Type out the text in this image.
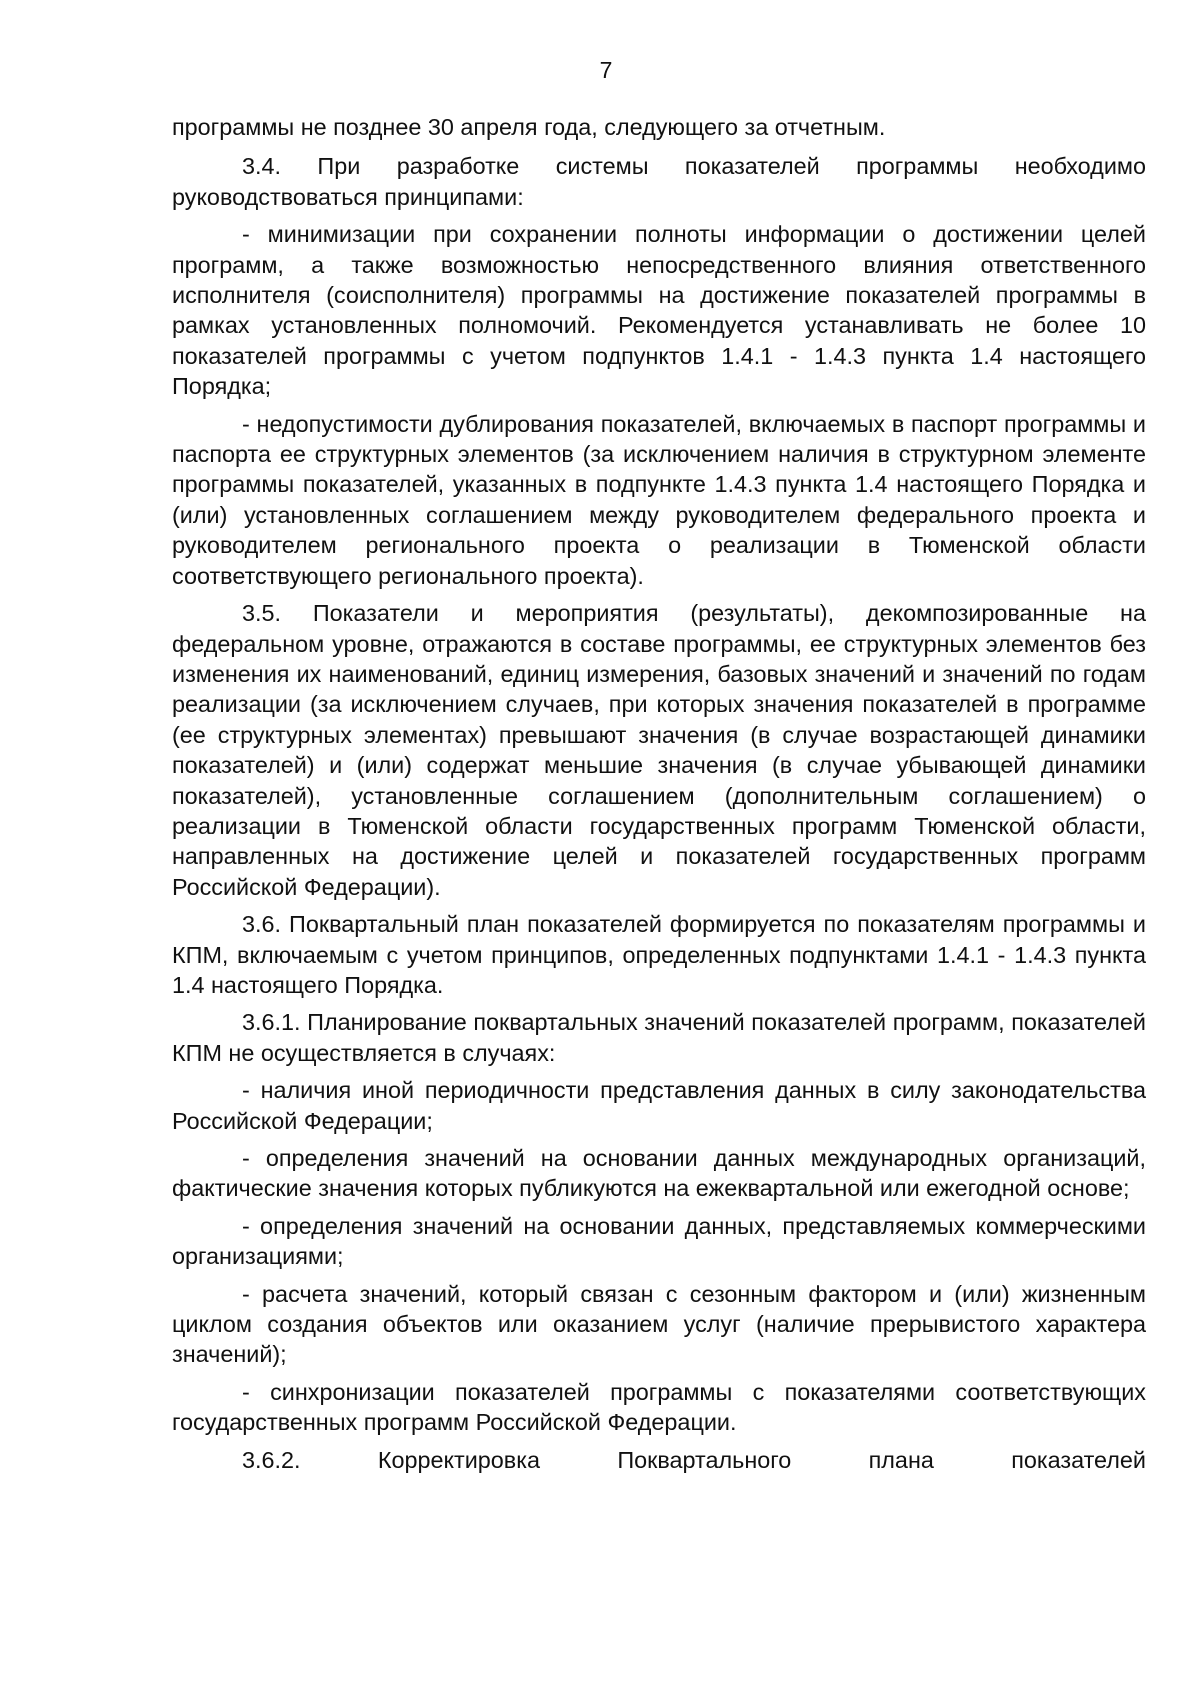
7

программы не позднее 30 апреля года, следующего за отчетным.

3.4. При разработке системы показателей программы необходимо руководствоваться принципами:

- минимизации при сохранении полноты информации о достижении целей программ, а также возможностью непосредственного влияния ответственного исполнителя (соисполнителя) программы на достижение показателей программы в рамках установленных полномочий. Рекомендуется устанавливать не более 10 показателей программы с учетом подпунктов 1.4.1 - 1.4.3 пункта 1.4 настоящего Порядка;

- недопустимости дублирования показателей, включаемых в паспорт программы и паспорта ее структурных элементов (за исключением наличия в структурном элементе программы показателей, указанных в подпункте 1.4.3 пункта 1.4 настоящего Порядка и (или) установленных соглашением между руководителем федерального проекта и руководителем регионального проекта о реализации в Тюменской области соответствующего регионального проекта).

3.5. Показатели и мероприятия (результаты), декомпозированные на федеральном уровне, отражаются в составе программы, ее структурных элементов без изменения их наименований, единиц измерения, базовых значений и значений по годам реализации (за исключением случаев, при которых значения показателей в программе (ее структурных элементах) превышают значения (в случае возрастающей динамики показателей) и (или) содержат меньшие значения (в случае убывающей динамики показателей), установленные соглашением (дополнительным соглашением) о реализации в Тюменской области государственных программ Тюменской области, направленных на достижение целей и показателей государственных программ Российской Федерации).

3.6. Поквартальный план показателей формируется по показателям программы и КПМ, включаемым с учетом принципов, определенных подпунктами 1.4.1 - 1.4.3 пункта 1.4 настоящего Порядка.

3.6.1. Планирование поквартальных значений показателей программ, показателей КПМ не осуществляется в случаях:

- наличия иной периодичности представления данных в силу законодательства Российской Федерации;

- определения значений на основании данных международных организаций, фактические значения которых публикуются на ежеквартальной или ежегодной основе;

- определения значений на основании данных, представляемых коммерческими организациями;

- расчета значений, который связан с сезонным фактором и (или) жизненным циклом создания объектов или оказанием услуг (наличие прерывистого характера значений);

- синхронизации показателей программы с показателями соответствующих государственных программ Российской Федерации.

3.6.2. Корректировка Поквартального плана показателей
